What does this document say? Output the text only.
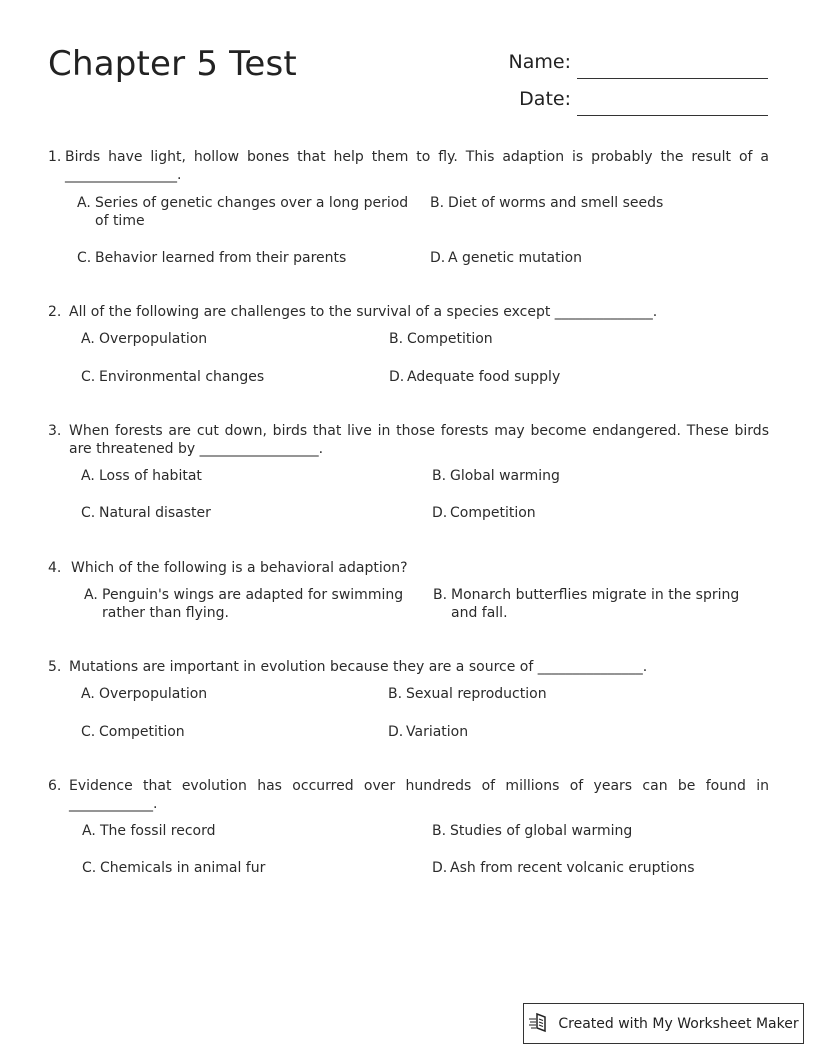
Chapter 5 Test	Name:
Date:
1. Birds have light, hollow bones that help them to fly. This adaption is probably the result of a ________________.
A. Series of genetic changes over a long period of time
B. Diet of worms and smell seeds
C. Behavior learned from their parents	D. A genetic mutation
2. All of the following are challenges to the survival of a species except ______________.
A. Overpopulation	B. Competition
C. Environmental changes	D. Adequate food supply
3. When forests are cut down, birds that live in those forests may become endangered. These birds are threatened by _________________.
A. Loss of habitat	B. Global warming
C. Natural disaster	D. Competition
4. Which of the following is a behavioral adaption?
A. Penguin's wings are adapted for swimming rather than flying.
B. Monarch butterflies migrate in the spring and fall.
5. Mutations are important in evolution because they are a source of _______________.
A. Overpopulation	B. Sexual reproduction
C. Competition	D. Variation
6. Evidence that evolution has occurred over hundreds of millions of years can be found in ____________.
A. The fossil record	B. Studies of global warming
C. Chemicals in animal fur	D. Ash from recent volcanic eruptions
Created with My Worksheet Maker
